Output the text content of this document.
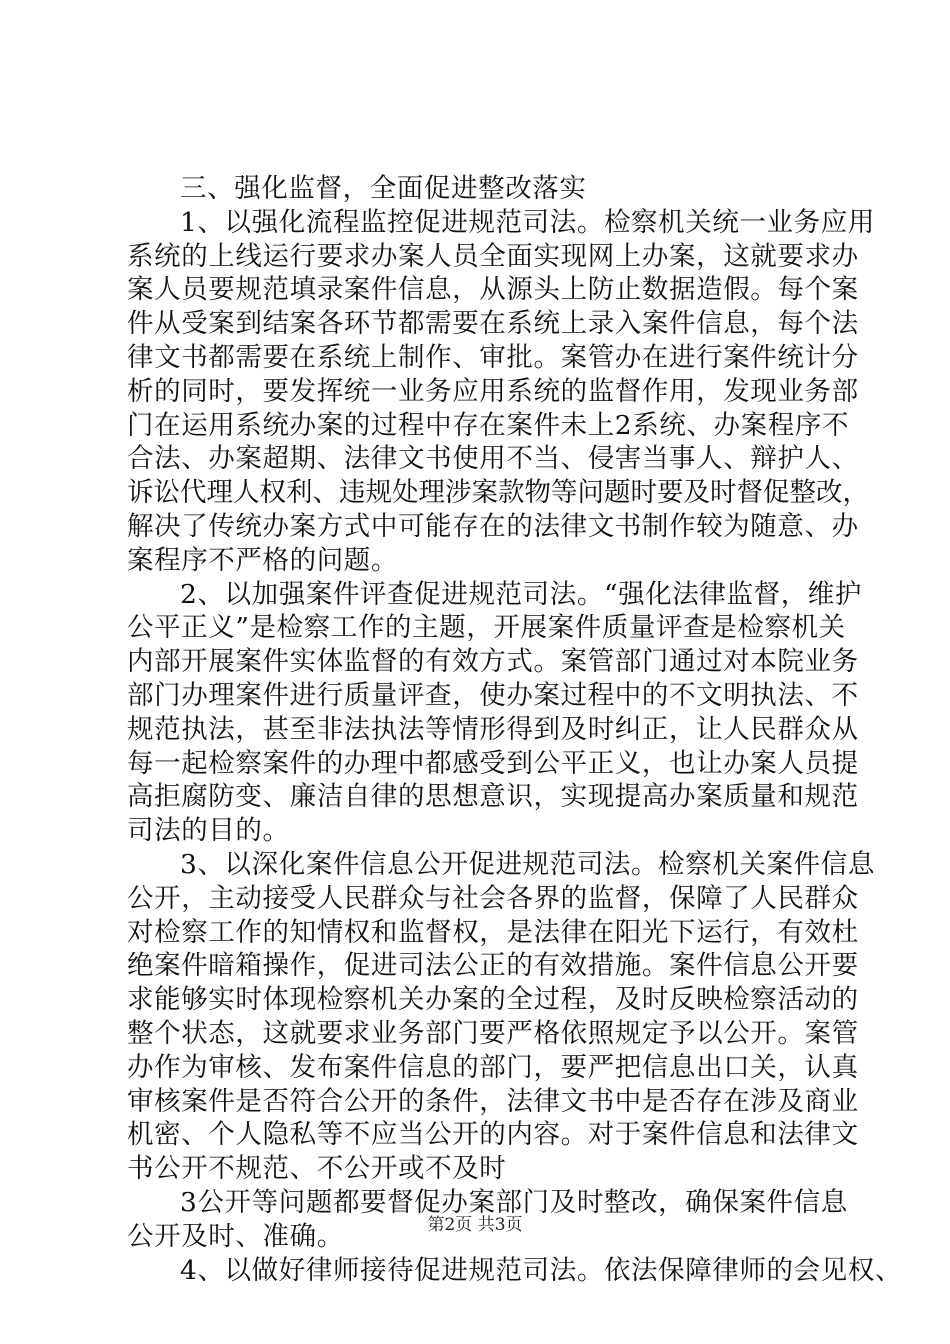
三、强化监督，全面促进整改落实
1、以强化流程监控促进规范司法。检察机关统一业务应用
系统的上线运行要求办案人员全面实现网上办案，这就要求办
案人员要规范填录案件信息，从源头上防止数据造假。每个案
件从受案到结案各环节都需要在系统上录入案件信息，每个法
律文书都需要在系统上制作、审批。案管办在进行案件统计分
析的同时，要发挥统一业务应用系统的监督作用，发现业务部
门在运用系统办案的过程中存在案件未上2系统、办案程序不
合法、办案超期、法律文书使用不当、侵害当事人、辩护人、
诉讼代理人权利、违规处理涉案款物等问题时要及时督促整改，
解决了传统办案方式中可能存在的法律文书制作较为随意、办
案程序不严格的问题。
2、以加强案件评查促进规范司法。“强化法律监督，维护
公平正义”是检察工作的主题，开展案件质量评查是检察机关
内部开展案件实体监督的有效方式。案管部门通过对本院业务
部门办理案件进行质量评查，使办案过程中的不文明执法、不
规范执法，甚至非法执法等情形得到及时纠正，让人民群众从
每一起检察案件的办理中都感受到公平正义，也让办案人员提
高拒腐防变、廉洁自律的思想意识，实现提高办案质量和规范
司法的目的。
3、以深化案件信息公开促进规范司法。检察机关案件信息
公开，主动接受人民群众与社会各界的监督，保障了人民群众
对检察工作的知情权和监督权，是法律在阳光下运行，有效杜
绝案件暗箱操作，促进司法公正的有效措施。案件信息公开要
求能够实时体现检察机关办案的全过程，及时反映检察活动的
整个状态，这就要求业务部门要严格依照规定予以公开。案管
办作为审核、发布案件信息的部门，要严把信息出口关，认真
审核案件是否符合公开的条件，法律文书中是否存在涉及商业
机密、个人隐私等不应当公开的内容。对于案件信息和法律文
书公开不规范、不公开或不及时
3公开等问题都要督促办案部门及时整改，确保案件信息
公开及时、准确。
4、以做好律师接待促进规范司法。依法保障律师的会见权、
第2页 共3页
